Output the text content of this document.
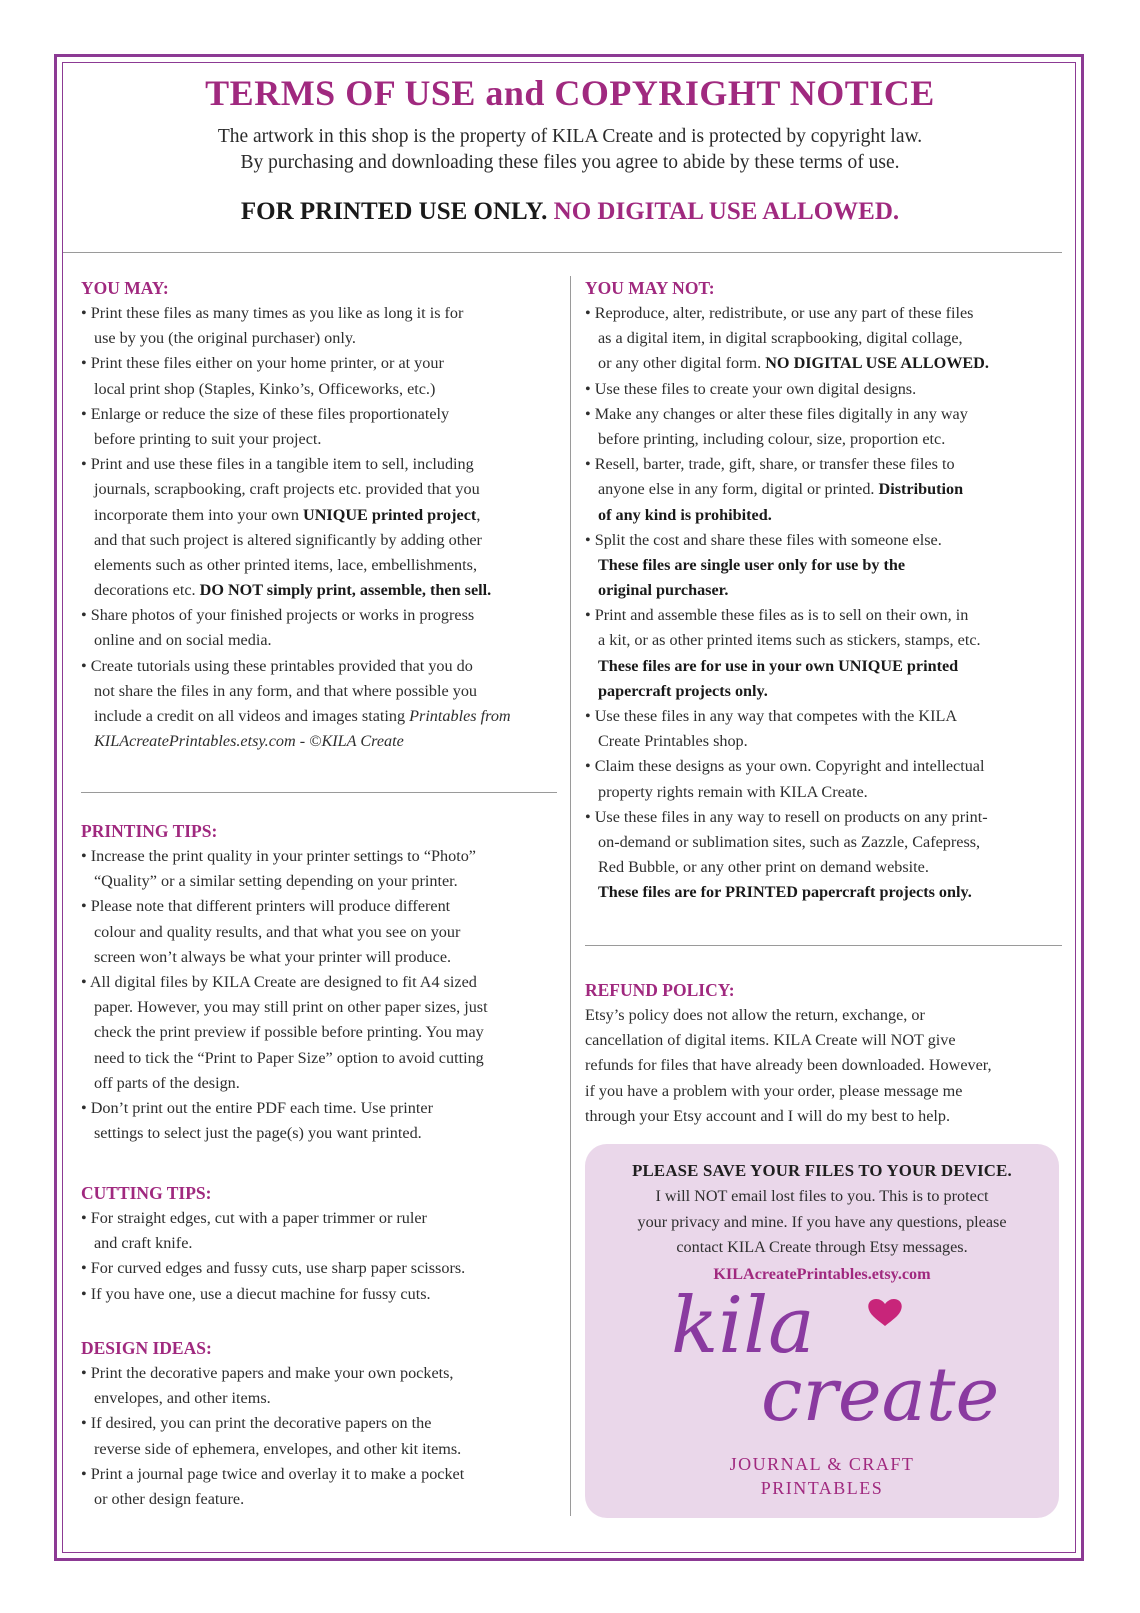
TERMS OF USE and COPYRIGHT NOTICE
The artwork in this shop is the property of KILA Create and is protected by copyright law.
By purchasing and downloading these files you agree to abide by these terms of use.
FOR PRINTED USE ONLY. NO DIGITAL USE ALLOWED.
YOU MAY:
• Print these files as many times as you like as long it is for
use by you (the original purchaser) only.
• Print these files either on your home printer, or at your
local print shop (Staples, Kinko’s, Officeworks, etc.)
• Enlarge or reduce the size of these files proportionately
before printing to suit your project.
• Print and use these files in a tangible item to sell, including
journals, scrapbooking, craft projects etc. provided that you
incorporate them into your own UNIQUE printed project,
and that such project is altered significantly by adding other
elements such as other printed items, lace, embellishments,
decorations etc. DO NOT simply print, assemble, then sell.
• Share photos of your finished projects or works in progress
online and on social media.
• Create tutorials using these printables provided that you do
not share the files in any form, and that where possible you
include a credit on all videos and images stating Printables from
KILAcreatePrintables.etsy.com - ©KILA Create
PRINTING TIPS:
• Increase the print quality in your printer settings to “Photo”
“Quality” or a similar setting depending on your printer.
• Please note that different printers will produce different
colour and quality results, and that what you see on your
screen won’t always be what your printer will produce.
• All digital files by KILA Create are designed to fit A4 sized
paper. However, you may still print on other paper sizes, just
check the print preview if possible before printing. You may
need to tick the “Print to Paper Size” option to avoid cutting
off parts of the design.
• Don’t print out the entire PDF each time. Use printer
settings to select just the page(s) you want printed.
CUTTING TIPS:
• For straight edges, cut with a paper trimmer or ruler
and craft knife.
• For curved edges and fussy cuts, use sharp paper scissors.
• If you have one, use a diecut machine for fussy cuts.
DESIGN IDEAS:
• Print the decorative papers and make your own pockets,
envelopes, and other items.
• If desired, you can print the decorative papers on the
reverse side of ephemera, envelopes, and other kit items.
• Print a journal page twice and overlay it to make a pocket
or other design feature.
YOU MAY NOT:
• Reproduce, alter, redistribute, or use any part of these files
as a digital item, in digital scrapbooking, digital collage,
or any other digital form. NO DIGITAL USE ALLOWED.
• Use these files to create your own digital designs.
• Make any changes or alter these files digitally in any way
before printing, including colour, size, proportion etc.
• Resell, barter, trade, gift, share, or transfer these files to
anyone else in any form, digital or printed. Distribution
of any kind is prohibited.
• Split the cost and share these files with someone else.
These files are single user only for use by the
original purchaser.
• Print and assemble these files as is to sell on their own, in
a kit, or as other printed items such as stickers, stamps, etc.
These files are for use in your own UNIQUE printed
papercraft projects only.
• Use these files in any way that competes with the KILA
Create Printables shop.
• Claim these designs as your own. Copyright and intellectual
property rights remain with KILA Create.
• Use these files in any way to resell on products on any print-
on-demand or sublimation sites, such as Zazzle, Cafepress,
Red Bubble, or any other print on demand website.
These files are for PRINTED papercraft projects only.
REFUND POLICY:
Etsy’s policy does not allow the return, exchange, or
cancellation of digital items. KILA Create will NOT give
refunds for files that have already been downloaded. However,
if you have a problem with your order, please message me
through your Etsy account and I will do my best to help.
PLEASE SAVE YOUR FILES TO YOUR DEVICE.
I will NOT email lost files to you. This is to protect
your privacy and mine. If you have any questions, please
contact KILA Create through Etsy messages.
KILAcreatePrintables.etsy.com
kila
create
JOURNAL & CRAFT
PRINTABLES
